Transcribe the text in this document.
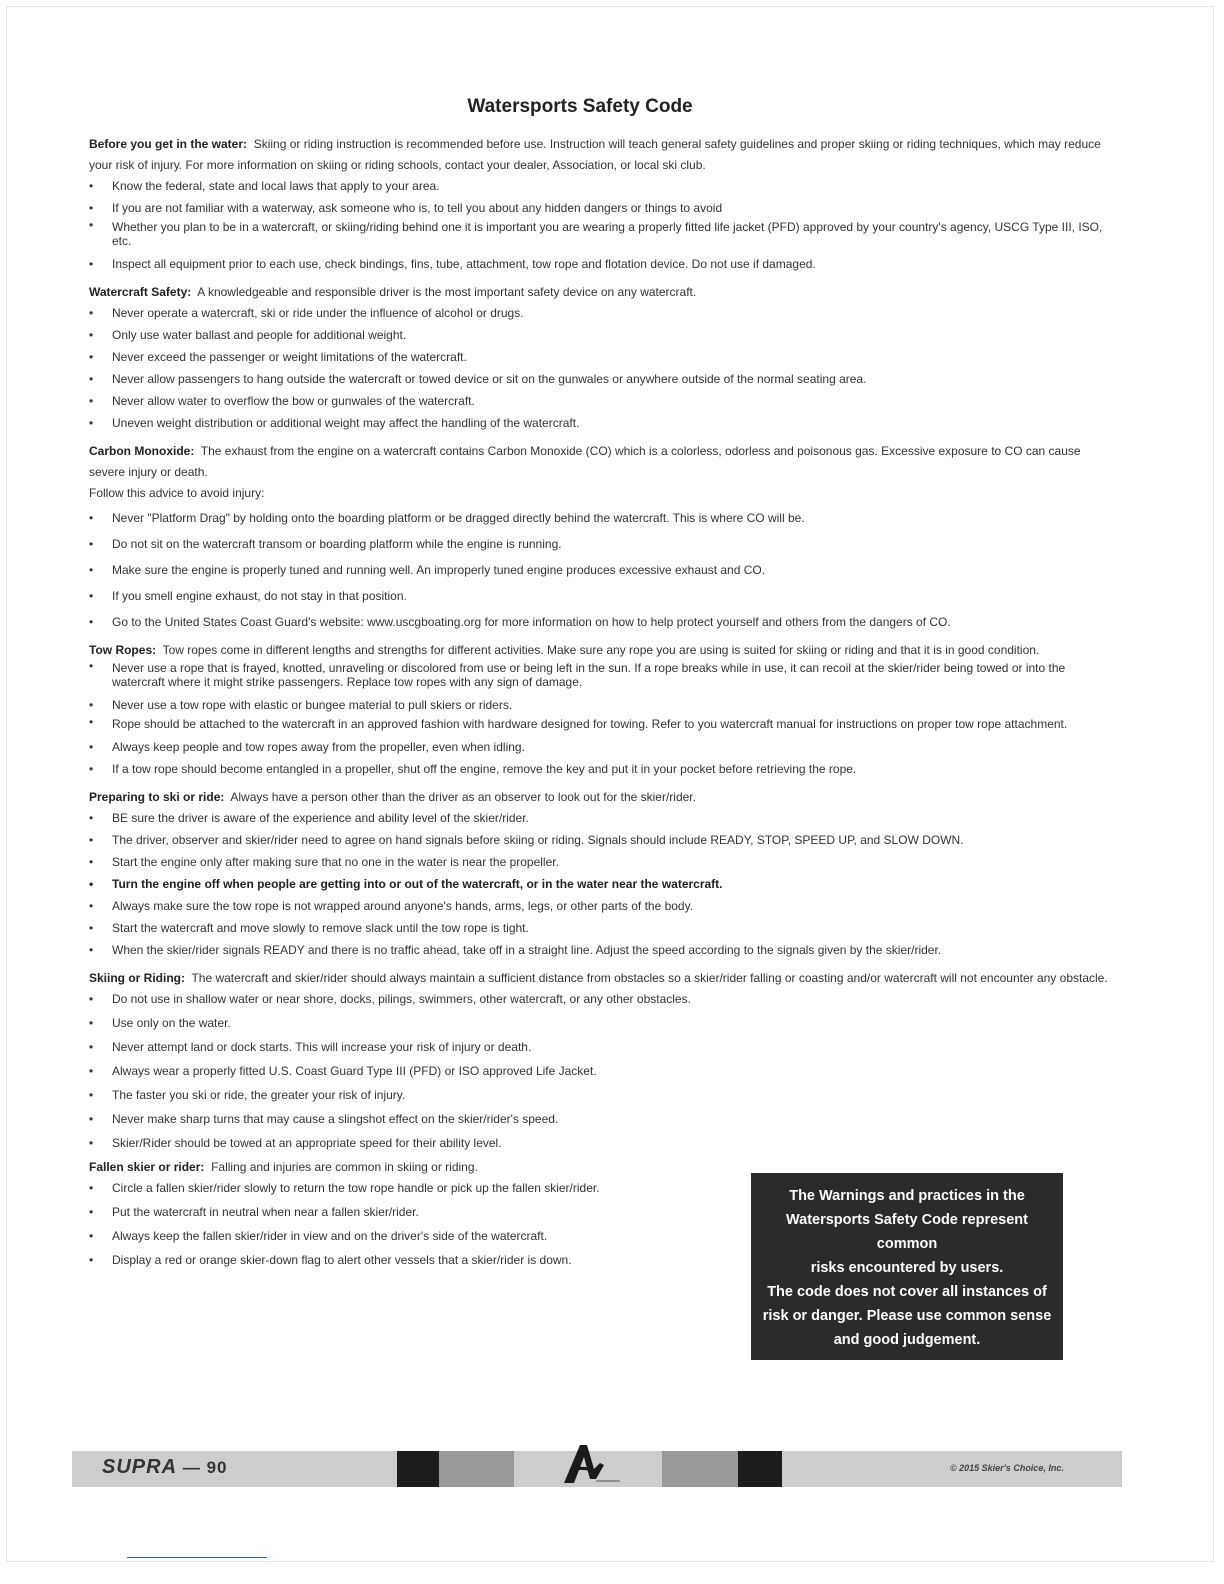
Watersports Safety Code

Before you get in the water: Skiing or riding instruction is recommended before use. Instruction will teach general safety guidelines and proper skiing or riding techniques, which may reduce your risk of injury. For more information on skiing or riding schools, contact your dealer, Association, or local ski club.

• Know the federal, state and local laws that apply to your area.
• If you are not familiar with a waterway, ask someone who is, to tell you about any hidden dangers or things to avoid
• Whether you plan to be in a watercraft, or skiing/riding behind one it is important you are wearing a properly fitted life jacket (PFD) approved by your country's agency, USCG Type III, ISO, etc.
• Inspect all equipment prior to each use, check bindings, fins, tube, attachment, tow rope and flotation device. Do not use if damaged.

Watercraft Safety: A knowledgeable and responsible driver is the most important safety device on any watercraft.

• Never operate a watercraft, ski or ride under the influence of alcohol or drugs.
• Only use water ballast and people for additional weight.
• Never exceed the passenger or weight limitations of the watercraft.
• Never allow passengers to hang outside the watercraft or towed device or sit on the gunwales or anywhere outside of the normal seating area.
• Never allow water to overflow the bow or gunwales of the watercraft.
• Uneven weight distribution or additional weight may affect the handling of the watercraft.

Carbon Monoxide: The exhaust from the engine on a watercraft contains Carbon Monoxide (CO) which is a colorless, odorless and poisonous gas. Excessive exposure to CO can cause severe injury or death.

Follow this advice to avoid injury:

• Never "Platform Drag" by holding onto the boarding platform or be dragged directly behind the watercraft. This is where CO will be.
• Do not sit on the watercraft transom or boarding platform while the engine is running.
• Make sure the engine is properly tuned and running well. An improperly tuned engine produces excessive exhaust and CO.
• If you smell engine exhaust, do not stay in that position.
• Go to the United States Coast Guard's website: www.uscgboating.org for more information on how to help protect yourself and others from the dangers of CO.

Tow Ropes: Tow ropes come in different lengths and strengths for different activities. Make sure any rope you are using is suited for skiing or riding and that it is in good condition.

• Never use a rope that is frayed, knotted, unraveling or discolored from use or being left in the sun. If a rope breaks while in use, it can recoil at the skier/rider being towed or into the watercraft where it might strike passengers. Replace tow ropes with any sign of damage.
• Never use a tow rope with elastic or bungee material to pull skiers or riders.
• Rope should be attached to the watercraft in an approved fashion with hardware designed for towing. Refer to you watercraft manual for instructions on proper tow rope attachment.
• Always keep people and tow ropes away from the propeller, even when idling.
• If a tow rope should become entangled in a propeller, shut off the engine, remove the key and put it in your pocket before retrieving the rope.

Preparing to ski or ride: Always have a person other than the driver as an observer to look out for the skier/rider.

• BE sure the driver is aware of the experience and ability level of the skier/rider.
• The driver, observer and skier/rider need to agree on hand signals before skiing or riding. Signals should include READY, STOP, SPEED UP, and SLOW DOWN.
• Start the engine only after making sure that no one in the water is near the propeller.
• Turn the engine off when people are getting into or out of the watercraft, or in the water near the watercraft.
• Always make sure the tow rope is not wrapped around anyone's hands, arms, legs, or other parts of the body.
• Start the watercraft and move slowly to remove slack until the tow rope is tight.
• When the skier/rider signals READY and there is no traffic ahead, take off in a straight line. Adjust the speed according to the signals given by the skier/rider.

Skiing or Riding: The watercraft and skier/rider should always maintain a sufficient distance from obstacles so a skier/rider falling or coasting and/or watercraft will not encounter any obstacle.

• Do not use in shallow water or near shore, docks, pilings, swimmers, other watercraft, or any other obstacles.
• Use only on the water.
• Never attempt land or dock starts. This will increase your risk of injury or death.
• Always wear a properly fitted U.S. Coast Guard Type III (PFD) or ISO approved Life Jacket.
• The faster you ski or ride, the greater your risk of injury.
• Never make sharp turns that may cause a slingshot effect on the skier/rider's speed.
• Skier/Rider should be towed at an appropriate speed for their ability level.

Fallen skier or rider: Falling and injuries are common in skiing or riding.

• Circle a fallen skier/rider slowly to return the tow rope handle or pick up the fallen skier/rider.
• Put the watercraft in neutral when near a fallen skier/rider.
• Always keep the fallen skier/rider in view and on the driver's side of the watercraft.
• Display a red or orange skier-down flag to alert other vessels that a skier/rider is down.
The Warnings and practices in the
Watersports Safety Code represent common
risks encountered by users.
The code does not cover all instances of
risk or danger. Please use common sense
and good judgement.
SUPRA — 90	© 2015 Skier's Choice, Inc.
